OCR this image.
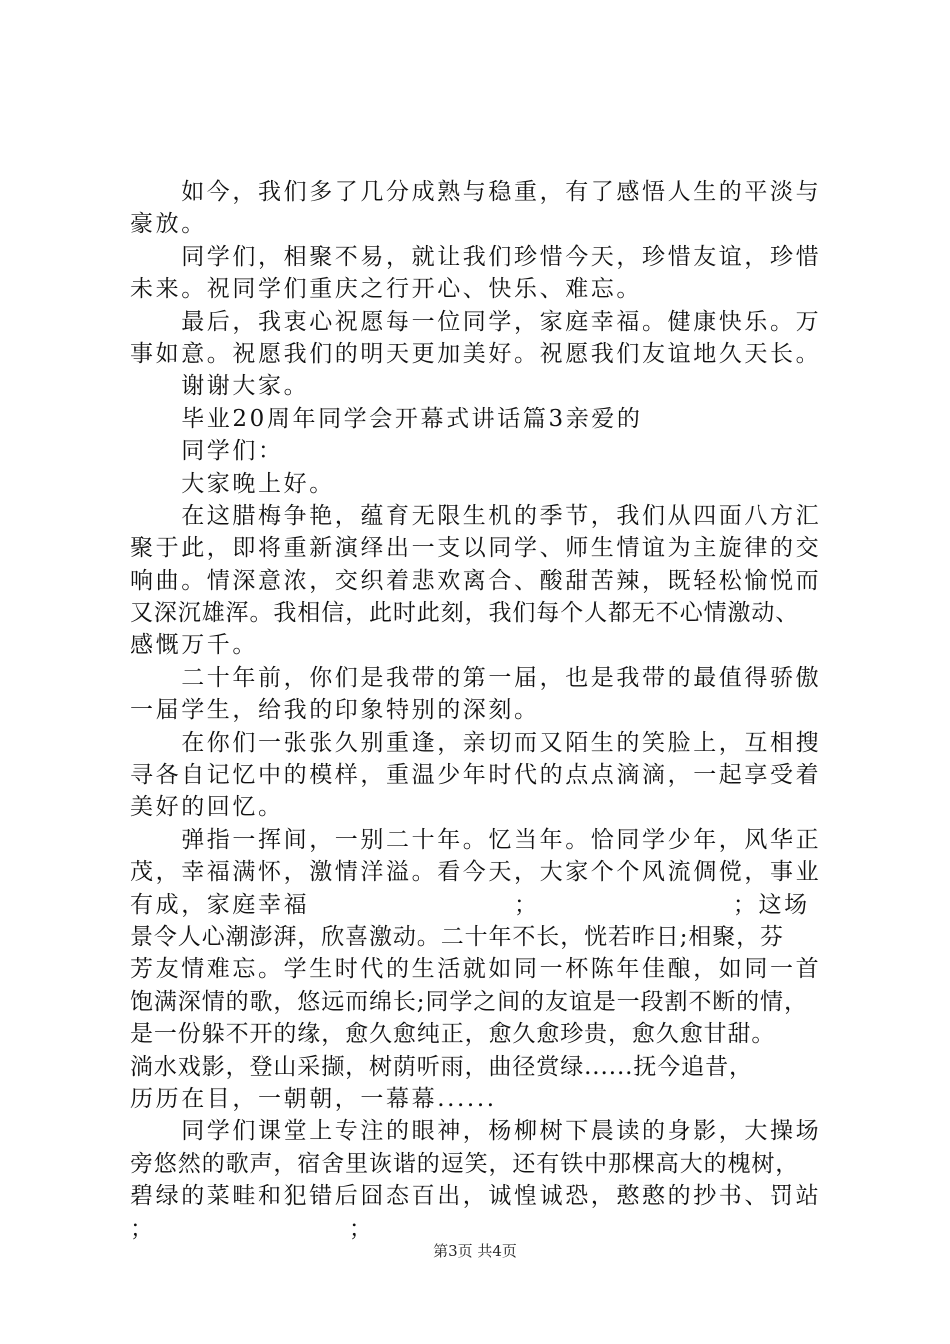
　　如今，我们多了几分成熟与稳重，有了感悟人生的平淡与
豪放。
　　同学们，相聚不易，就让我们珍惜今天，珍惜友谊，珍惜
未来。祝同学们重庆之行开心、快乐、难忘。
　　最后，我衷心祝愿每一位同学，家庭幸福。健康快乐。万
事如意。祝愿我们的明天更加美好。祝愿我们友谊地久天长。
　　谢谢大家。
　　毕业20周年同学会开幕式讲话篇3亲爱的
　　同学们：
　　大家晚上好。
　　在这腊梅争艳，蕴育无限生机的季节，我们从四面八方汇
聚于此，即将重新演绎出一支以同学、师生情谊为主旋律的交
响曲。情深意浓，交织着悲欢离合、酸甜苦辣，既轻松愉悦而
又深沉雄浑。我相信，此时此刻，我们每个人都无不心情激动、
感慨万千。
　　二十年前，你们是我带的第一届，也是我带的最值得骄傲
一届学生，给我的印象特别的深刻。
　　在你们一张张久别重逢，亲切而又陌生的笑脸上，互相搜
寻各自记忆中的模样，重温少年时代的点点滴滴，一起享受着
美好的回忆。
　　弹指一挥间，一别二十年。忆当年。恰同学少年，风华正
茂，幸福满怀，激情洋溢。看今天，大家个个风流倜傥，事业
有成，家庭幸福　　　　　　　　；　　　　　　　　；这场
景令人心潮澎湃，欣喜激动。二十年不长，恍若昨日;相聚，芬
芳友情难忘。学生时代的生活就如同一杯陈年佳酿，如同一首
饱满深情的歌，悠远而绵长;同学之间的友谊是一段割不断的情，
是一份躲不开的缘，愈久愈纯正，愈久愈珍贵，愈久愈甘甜。
淌水戏影，登山采撷，树荫听雨，曲径赏绿......抚今追昔，
历历在目，一朝朝，一幕幕......
　　同学们课堂上专注的眼神，杨柳树下晨读的身影，大操场
旁悠然的歌声，宿舍里诙谐的逗笑，还有铁中那棵高大的槐树，
碧绿的菜畦和犯错后囧态百出，诚惶诚恐，憨憨的抄书、罚站
；　　　　　　　　；
第3页 共4页
